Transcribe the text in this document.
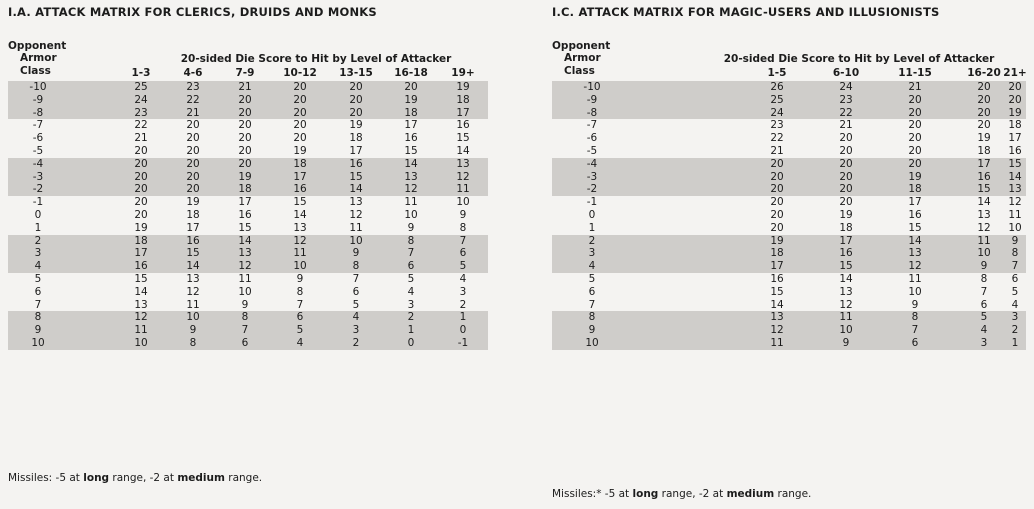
I.A. ATTACK MATRIX FOR CLERICS, DRUIDS AND MONKS
Opponent
Armor
Class
20-sided Die Score to Hit by Level of Attacker
-10	25	23	21	20	20	20	19
-9	24	22	20	20	20	19	18
-8	23	21	20	20	20	18	17
-7	22	20	20	20	19	17	16
-6	21	20	20	20	18	16	15
-5	20	20	20	19	17	15	14
-4	20	20	20	18	16	14	13
-3	20	20	19	17	15	13	12
-2	20	20	18	16	14	12	11
-1	20	19	17	15	13	11	10
0	20	18	16	14	12	10	9
1	19	17	15	13	11	9	8
2	18	16	14	12	10	8	7
3	17	15	13	11	9	7	6
4	16	14	12	10	8	6	5
5	15	13	11	9	7	5	4
6	14	12	10	8	6	4	3
7	13	11	9	7	5	3	2
8	12	10	8	6	4	2	1
9	11	9	7	5	3	1	0
10	10	8	6	4	2	0	-1
Missiles: -5 at long range, -2 at medium range.
1-3	4-6	7-9	10-12	13-15	16-18	19+
I.C. ATTACK MATRIX FOR MAGIC-USERS AND ILLUSIONISTS
Opponent
Armor
Class
20-sided Die Score to Hit by Level of Attacker
-10	26	24	21	20	20
-9	25	23	20	20	20
-8	24	22	20	20	19
-7	23	21	20	20	18
-6	22	20	20	19	17
-5	21	20	20	18	16
-4	20	20	20	17	15
-3	20	20	19	16	14
-2	20	20	18	15	13
-1	20	20	17	14	12
0	20	19	16	13	11
1	20	18	15	12	10
2	19	17	14	11	9
3	18	16	13	10	8
4	17	15	12	9	7
5	16	14	11	8	6
6	15	13	10	7	5
7	14	12	9	6	4
8	13	11	8	5	3
9	12	10	7	4	2
10	11	9	6	3	1
Missiles:* -5 at long range, -2 at medium range.
1-5	6-10	11-15	16-20 21+
